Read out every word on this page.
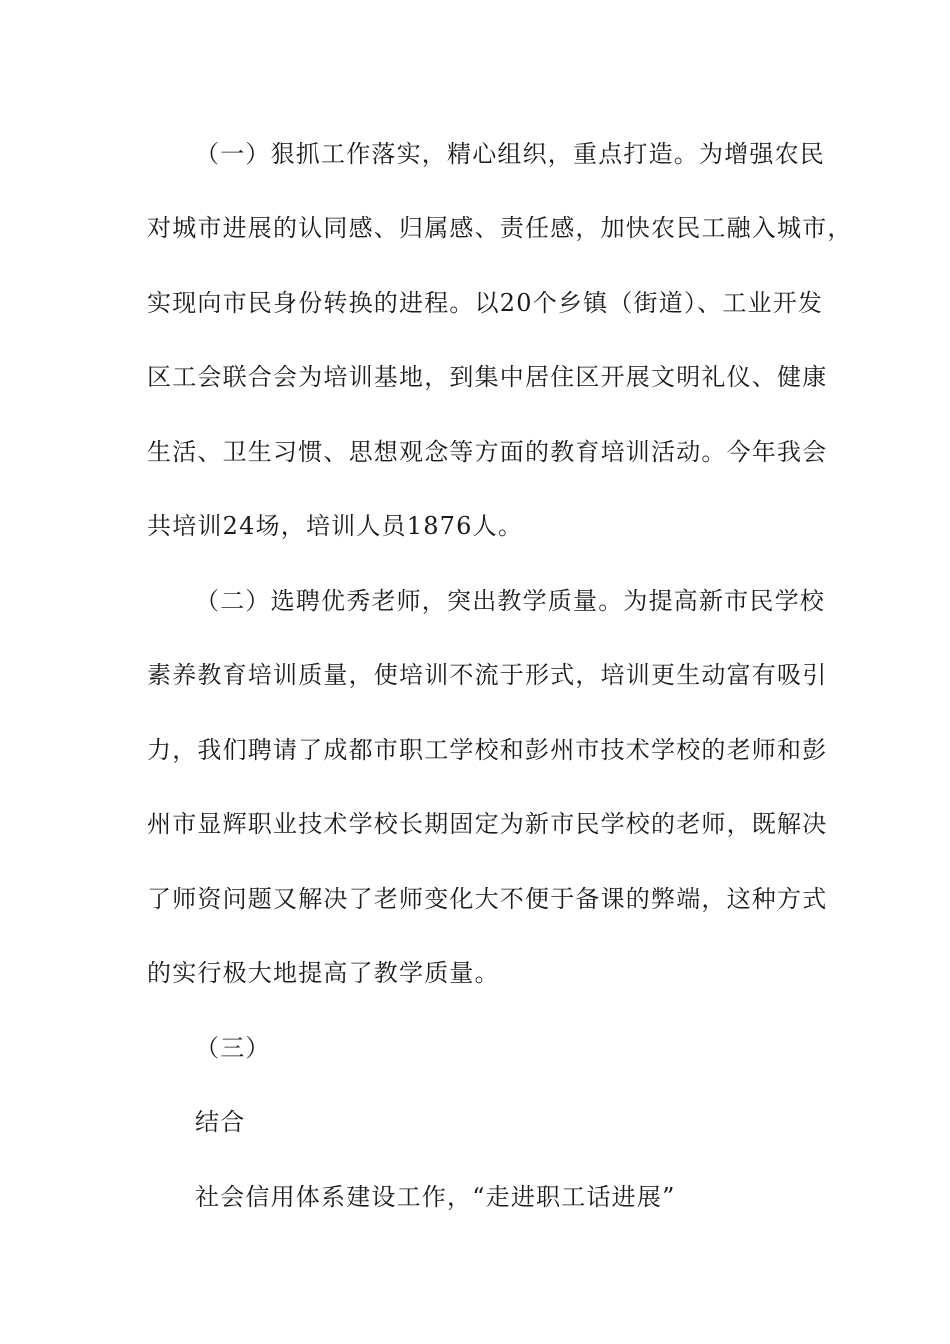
（一）狠抓工作落实，精心组织，重点打造。为增强农民
对城市进展的认同感、归属感、责任感，加快农民工融入城市，
实现向市民身份转换的进程。以20个乡镇（街道）、工业开发
区工会联合会为培训基地，到集中居住区开展文明礼仪、健康
生活、卫生习惯、思想观念等方面的教育培训活动。今年我会
共培训24场，培训人员1876人。
（二）选聘优秀老师，突出教学质量。为提高新市民学校
素养教育培训质量，使培训不流于形式，培训更生动富有吸引
力，我们聘请了成都市职工学校和彭州市技术学校的老师和彭
州市显辉职业技术学校长期固定为新市民学校的老师，既解决
了师资问题又解决了老师变化大不便于备课的弊端，这种方式
的实行极大地提高了教学质量。
（三）
结合
社会信用体系建设工作，“走进职工话进展”
